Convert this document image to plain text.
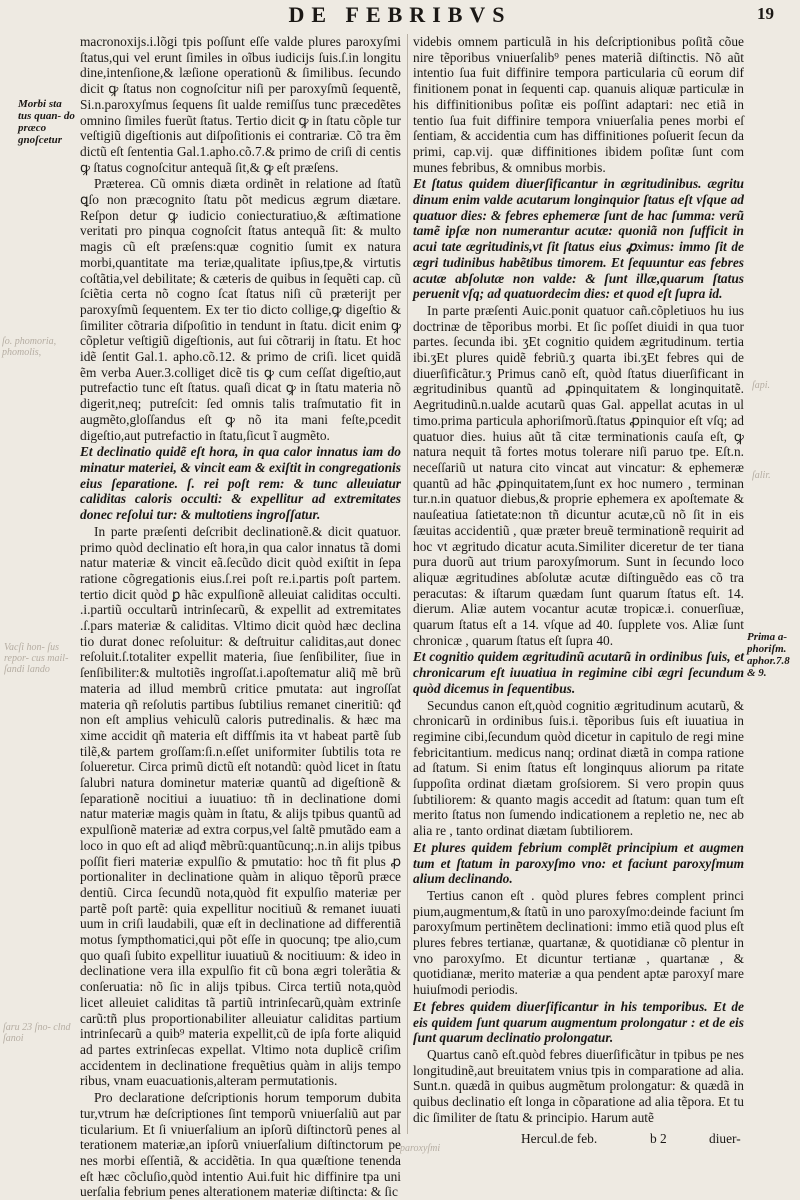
DE FEBRIBVS	19
Morbi sta tus quan- do præco gnoſcetur
Prima a- phoriſm. aphor.7.8 & 9.
ſo. phomoria, phomolis,
Vacſi hon- ſus repor- cus mail- ſandi lando
ſaru 23 ſno- clnd ſanoi
ſapi.
ſalir.
paroxyſmi

macronoxijs.i.lõgi tpis poſſunt eſſe valde plures paroxyſmi ſtatus,qui vel erunt ſimiles in oĩbus iudicijs ſuis.ſ.in longitu dine,intenſione,& læſione operationũ & ſimilibus. ſecundo dicit ꝙ ſtatus non cognoſcitur niſi per paroxyſmũ ſequentẽ, Si.n.paroxyſmus ſequens ſit ualde remiſſus tunc præcedẽtes omnino ſimiles fuerũt ſtatus. Tertio dicit ꝙ in ſtatu cõple tur veſtigiũ digeſtionis aut diſpoſitionis ei contrariæ. Cõ tra ẽm dictũ eſt ſententia Gal.1.apho.cõ.7.& primo de criſi di centis ꝙ ſtatus cognoſcitur antequã ſit,& ꝙ eſt præſens.

Præterea. Cũ omnis diæta ordinẽt in relatione ad ſtatũ ꝗſo non præcognito ſtatu põt medicus ægrum diætare. Reſpon detur ꝙ iudicio coniecturatiuo,& æſtimatione veritati pro pinqua cognoſcit ſtatus antequã ſit: & multo magis cũ eſt præſens:quæ cognitio ſumit ex natura morbi,quantitate ma teriæ,qualitate ipſius,tpe,& virtutis coſtãtia,vel debilitate; & cæteris de quibus in ſequẽti cap. cũ ſciẽtia certa nõ cogno ſcat ſtatus niſi cũ præterijt per paroxyſmũ ſequentem. Ex ter tio dicto collige,ꝙ digeſtio & ſimiliter cõtraria diſpoſitio in tendunt in ſtatu. dicit enim ꝙ cõpletur veſtigiũ digeſtionis, aut ſui cõtrarij in ſtatu. Et hoc idẽ ſentit Gal.1. apho.cõ.12. & primo de criſi. licet quidã ẽm verba Auer.3.colliget dicẽ tis ꝙ cum ceſſat digeſtio,aut putrefactio tunc eſt ſtatus. quaſi dicat ꝙ in ſtatu materia nõ digerit,neq; putreſcit: ſed omnis talis traſmutatio fit in augmẽto,gloſſandus eſt ꝙ nõ ita mani feſte,pcedit digeſtio,aut putrefactio in ſtatu,ſicut ĩ augmẽto.

Et declinatio quidẽ eſt hora, in qua calor innatus iam do minatur materiei, & vincit eam & exiſtit in congregationis eius ſeparatione. ſ. rei poſt rem: & tunc alleuiatur caliditas caloris occulti: & expellitur ad extremitates donec reſolui tur: & multotiens ingroſſatur.

In parte præſenti deſcribit declinationẽ.& dicit quatuor. primo quòd declinatio eſt hora,in qua calor innatus tã domi natur materiæ & vincit eã.ſecũdo dicit quòd exiſtit in ſepa ratione cõgregationis eius.ſ.rei poſt re.i.partis poſt partem. tertio dicit quòd ꝑ hãc expulſionẽ alleuiat caliditas occulti. .i.partiũ occultarũ intrinſecarũ, & expellit ad extremitates .ſ.pars materiæ & caliditas. Vltimo dicit quòd hæc declina tio durat donec reſoluitur: & deſtruitur caliditas,aut donec reſoluit.ſ.totaliter expellit materia, ſiue ſenſibiliter, ſiue in ſenſibiliter:& multotiẽs ingroſſat.i.apoſtematur aliq̃ mẽ brũ materia ad illud membrũ critice pmutata: aut ingroſſat materia qñ reſolutis partibus ſubtilius remanet cineritiũ: qđ non eſt amplius vehiculũ caloris putredinalis. & hæc ma xime accidit qñ materia eſt diffſmis ita vt habeat partẽ ſub tilẽ,& partem groſſam:ſi.n.eſſet uniformiter ſubtilis tota re ſolueretur. Circa primũ dictũ eſt notandũ: quòd licet in ſtatu ſalubri natura dominetur materiæ quantũ ad digeſtionẽ & ſeparationẽ nocitiui a iuuatiuo: tñ in declinatione domi natur materiæ magis quàm in ſtatu, & alijs tpibus quantũ ad expulſionẽ materiæ ad extra corpus,vel ſaltẽ pmutãdo eam a loco in quo eſt ad aliqđ mẽbrũ:quantũcunq;.n.in alijs tpibus poſſit fieri materiæ expulſio & pmutatio: hoc tñ fit plus ꝓ portionaliter in declinatione quàm in aliquo tẽporũ præce dentiũ. Circa ſecundũ nota,quòd fit expulſio materiæ per partẽ poſt partẽ: quia expellitur nocitiuũ & remanet iuuati uum in criſi laudabili, quæ eſt in declinatione ad differentiã motus ſympthomatici,qui põt eſſe in quocunq; tpe alio,cum quo quaſi ſubito expellitur iuuatiuũ & nocitiuum: & ideo in declinatione vera illa expulſio fit cũ bona ægri tolerãtia & conſeruatia: nõ ſic in alijs tpibus. Circa tertiũ nota,quòd licet alleuiet caliditas tã partiũ intrinſecarũ,quàm extrinſe carũ:tñ plus proportionabiliter alleuiatur caliditas partium intrinſecarũ a quib⁹ materia expellit,cũ de ipſa forte aliquid ad partes extrinſecas expellat. Vltimo nota duplicẽ criſim accidentem in declinatione frequẽtius quàm in alijs tempo ribus, vnam euacuationis,alteram permutationis.

Pro declaratione deſcriptionis horum temporum dubita tur,vtrum hæ deſcriptiones ſint temporũ vniuerſaliũ aut par ticularium. Et ſi vniuerſalium an ipſorũ diſtinctorũ penes al terationem materiæ,an ipſorũ vniuerſalium diſtinctorum pe nes morbi eſſentiã, & accidẽtia. In qua quæſtione tenenda eſt hæc cõcluſio,quòd intentio Aui.fuit hic diffinire tpa uni uerſalia febrium penes alterationem materiæ diſtincta: & ſic

videbis omnem particulã in his deſcriptionibus poſitã cõue nire tẽporibus vniuerſalib⁹ penes materiã diſtinctis. Nõ aũt intentio ſua fuit diffinire tempora particularia cũ eorum dif finitionem ponat in ſequenti cap. quanuis aliquæ particulæ in his diffinitionibus poſitæ eis poſſint adaptari: nec etiã in tentio ſua fuit diffinire tempora vniuerſalia penes morbi eſ ſentiam, & accidentia cum has diffinitiones poſuerit ſecun da primi, cap.vij. quæ diffinitiones ibidem poſitæ ſunt com munes febribus, & omnibus morbis.

Et ſtatus quidem diuerſificantur in ægritudinibus. ægritu dinum enim valde acutarum longinquior ſtatus eſt vſque ad quatuor dies: & febres ephemeræ ſunt de hac ſumma: verũ tamẽ ipſæ non numerantur acutæ: quoniã non ſufficit in acui tate ægritudinis,vt ſit ſtatus eius ꝓximus: immo ſit de ægri tudinibus habẽtibus timorem. Et ſequuntur eas febres acutæ abſolutæ non valde: & ſunt illæ,quarum ſtatus peruenit vſq; ad quatuordecim dies: et quod eſt ſupra id.

In parte præſenti Auic.ponit quatuor cañ.cõpletiuos hu ius doctrinæ de tẽporibus morbi. Et ſic poſſet diuidi in qua tuor partes. ſecunda ibi. ʒEt cognitio quidem ægritudinum. tertia ibi.ʒEt plures quidẽ febriũ.ʒ quarta ibi.ʒEt febres qui de diuerſificãtur.ʒ Primus canõ eſt, quòd ſtatus diuerſificant in ægritudinibus quantũ ad ꝓpinquitatem & longinquitatẽ. Aegritudinũ.n.ualde acutarũ quas Gal. appellat acutas in ul timo.prima particula aphoriſmorũ.ſtatus ꝓpinquior eſt vſq; ad quatuor dies. huius aũt tã citæ terminationis cauſa eſt, ꝙ natura nequit tã fortes motus tolerare niſi paruo tpe. Eſt.n. neceſſariũ ut natura cito vincat aut vincatur: & ephemeræ quantũ ad hãc ꝓpinquitatem,ſunt ex hoc numero , terminan tur.n.in quatuor diebus,& proprie ephemera ex apoſtemate & nauſeatiua ſatietate:non tñ dicuntur acutæ,cũ nõ ſit in eis ſæuitas accidentiũ , quæ præter breuẽ terminationẽ requirit ad hoc vt ægritudo dicatur acuta.Similiter diceretur de ter tiana pura duorũ aut trium paroxyſmorum. Sunt in ſecundo loco aliquæ ægritudines abſolutæ acutæ diſtinguẽdo eas cõ tra peracutas: & iſtarum quædam ſunt quarum ſtatus eſt. 14. dierum. Aliæ autem vocantur acutæ tropicæ.i. conuerſiuæ, quarum ſtatus eſt a 14. vſque ad 40. ſupplete vos. Aliæ ſunt chronicæ , quarum ſtatus eſt ſupra 40.

Et cognitio quidem ægritudinũ acutarũ in ordinibus ſuis, et chronicarum eſt iuuatiua in regimine cibi ægri ſecundum quòd dicemus in ſequentibus.

Secundus canon eſt,quòd cognitio ægritudinum acutarũ, & chronicarũ in ordinibus ſuis.i. tẽporibus ſuis eſt iuuatiua in regimine cibi,ſecundum quòd dicetur in capitulo de regi mine febricitantium. medicus nanq; ordinat diætã in compa ratione ad ſtatum. Si enim ſtatus eſt longinquus aliorum pa ritate ſuppoſita ordinat diætam groſsiorem. Si vero propin quus ſubtiliorem: & quanto magis accedit ad ſtatum: quan tum eſt merito ſtatus non ſumendo indicationem a repletio ne, nec ab alia re , tanto ordinat diætam ſubtiliorem.

Et plures quidem febrium complẽt principium et augmen tum et ſtatum in paroxyſmo vno: et faciunt paroxyſmum alium declinando.

Tertius canon eſt . quòd plures febres complent princi pium,augmentum,& ſtatũ in uno paroxyſmo:deinde faciunt ſm paroxyſmum pertinẽtem declinationi: immo etiã quod plus eſt plures febres tertianæ, quartanæ, & quotidianæ cõ plentur in vno paroxyſmo. Et dicuntur tertianæ , quartanæ , & quotidianæ, merito materiæ a qua pendent aptæ paroxyſ mare huiuſmodi periodis.

Et febres quidem diuerſificantur in his temporibus. Et de eis quidem ſunt quarum augmentum prolongatur : et de eis ſunt quarum declinatio prolongatur.

Quartus canõ eſt.quòd febres diuerſificãtur in tpibus pe nes longitudinẽ,aut breuitatem vnius tpis in comparatione ad alia. Sunt.n. quædã in quibus augmẽtum prolongatur: & quædã in quibus declinatio eſt longa in cõparatione ad alia tẽpora. Et tu dic ſimiliter de ſtatu & principio. Harum autẽ

Hercul.de feb.	b 2	diuer-
